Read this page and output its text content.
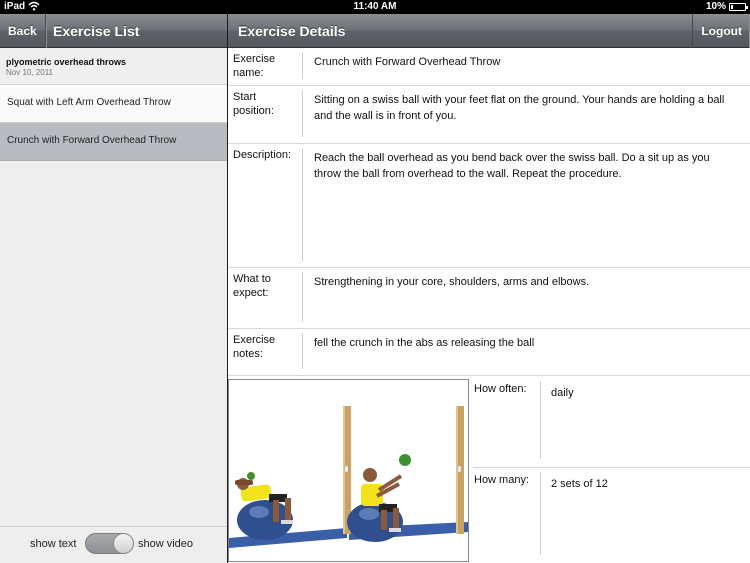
iPad	11:40 AM	10%
Back	Exercise List	Exercise Details	Logout
plyometric overhead throws
Nov 10, 2011
Squat with Left Arm Overhead Throw
Crunch with Forward Overhead Throw
show text	show video
Exercise name:
Crunch with Forward Overhead Throw
Start position:
Sitting on a swiss ball with your feet flat on the ground. Your hands are holding a ball and the wall is in front of you.
Description:	Reach the ball overhead as you bend back over the swiss ball. Do a sit up as you throw the ball from overhead to the wall. Repeat the procedure.
What to expect:
Strengthening in your core, shoulders, arms and elbows.
Exercise notes:
fell the crunch in the abs as releasing the ball
How often: daily
How many: 2 sets of 12
